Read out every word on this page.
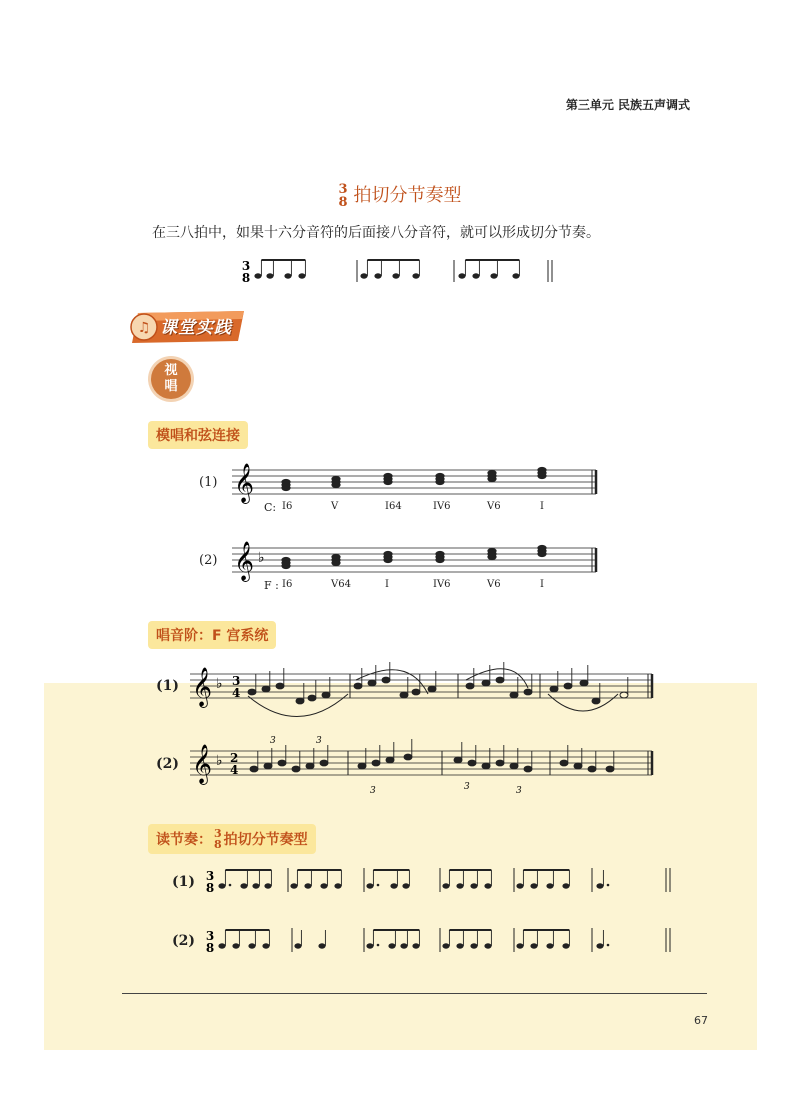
第三单元 民族五声调式
3
8 拍切分节奏型
在三八拍中，如果十六分音符的后面接八分音符，就可以形成切分节奏。
3
8
♫ 课堂实践
视
唱
模唱和弦连接
(1) 𝄞
C: I6	V	I64	IV6	V6	I
(2) 𝄞 ♭
F : I6	V64	I	IV6	V6	I
唱音阶：F 宫系统
(1) 𝄞 ♭ 3
4
(2) 𝄞 ♭ 2
4
3	3
3	3	3
读节奏： 3
8 拍切分节奏型
(1) 3
8
(2) 3
8
67
